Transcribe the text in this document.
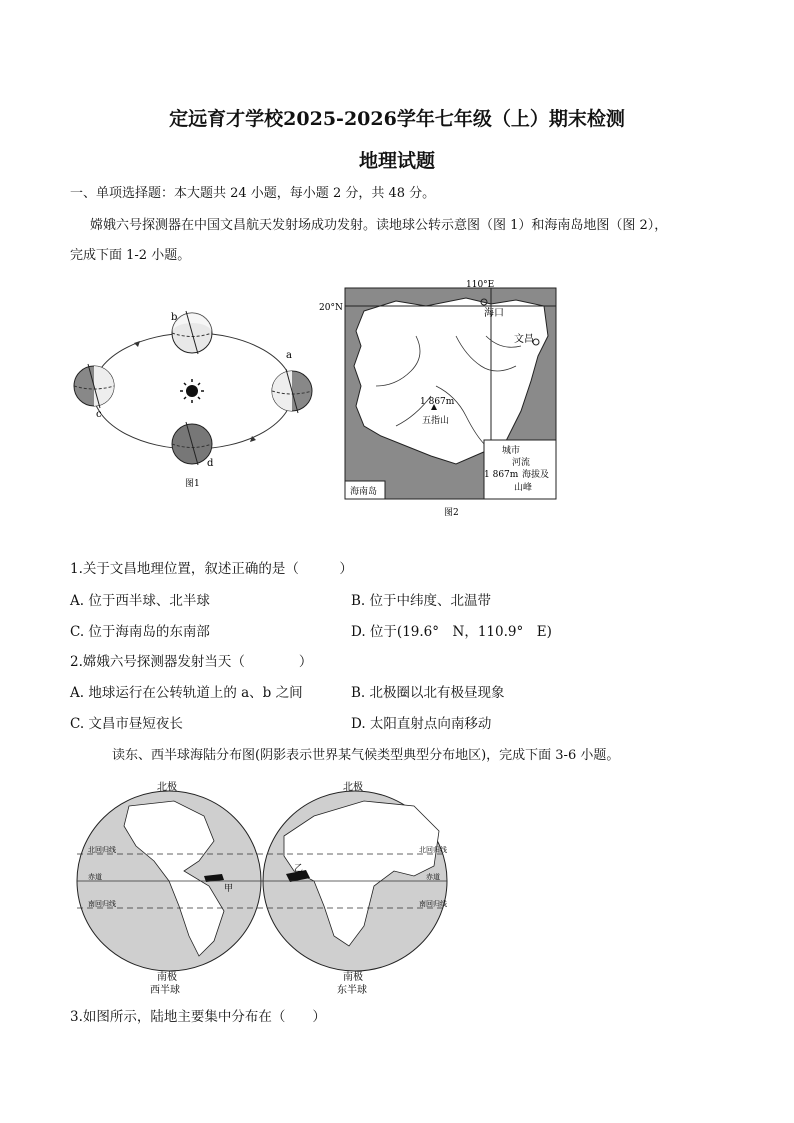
定远育才学校2025-2026学年七年级（上）期末检测
地理试题
一、单项选择题：本大题共 24 小题，每小题 2 分，共 48 分。
嫦娥六号探测器在中国文昌航天发射场成功发射。读地球公转示意图（图 1）和海南岛地图（图 2），
完成下面 1-2 小题。
b
a
c
d
图1
110°E
20°N	海口
文昌
1 867m
五指山
城市
河流
1 867m 海拔及
山峰
海南岛
图2
1.关于文昌地理位置，叙述正确的是（　　　）
A. 位于西半球、北半球	B. 位于中纬度、北温带
C. 位于海南岛的东南部	D. 位于(19.6°　N，110.9°　E)
2.嫦娥六号探测器发射当天（　　　　）
A. 地球运行在公转轨道上的 a、b 之间	B. 北极圈以北有极昼现象
C. 文昌市昼短夜长	D. 太阳直射点向南移动
读东、西半球海陆分布图(阴影表示世界某气候类型典型分布地区)，完成下面 3-6 小题。
北极	北极
南极	南极
西半球	东半球
北回归线
赤道
南回归线
北回归线
赤道
南回归线
甲
乙
3.如图所示，陆地主要集中分布在（　　）
